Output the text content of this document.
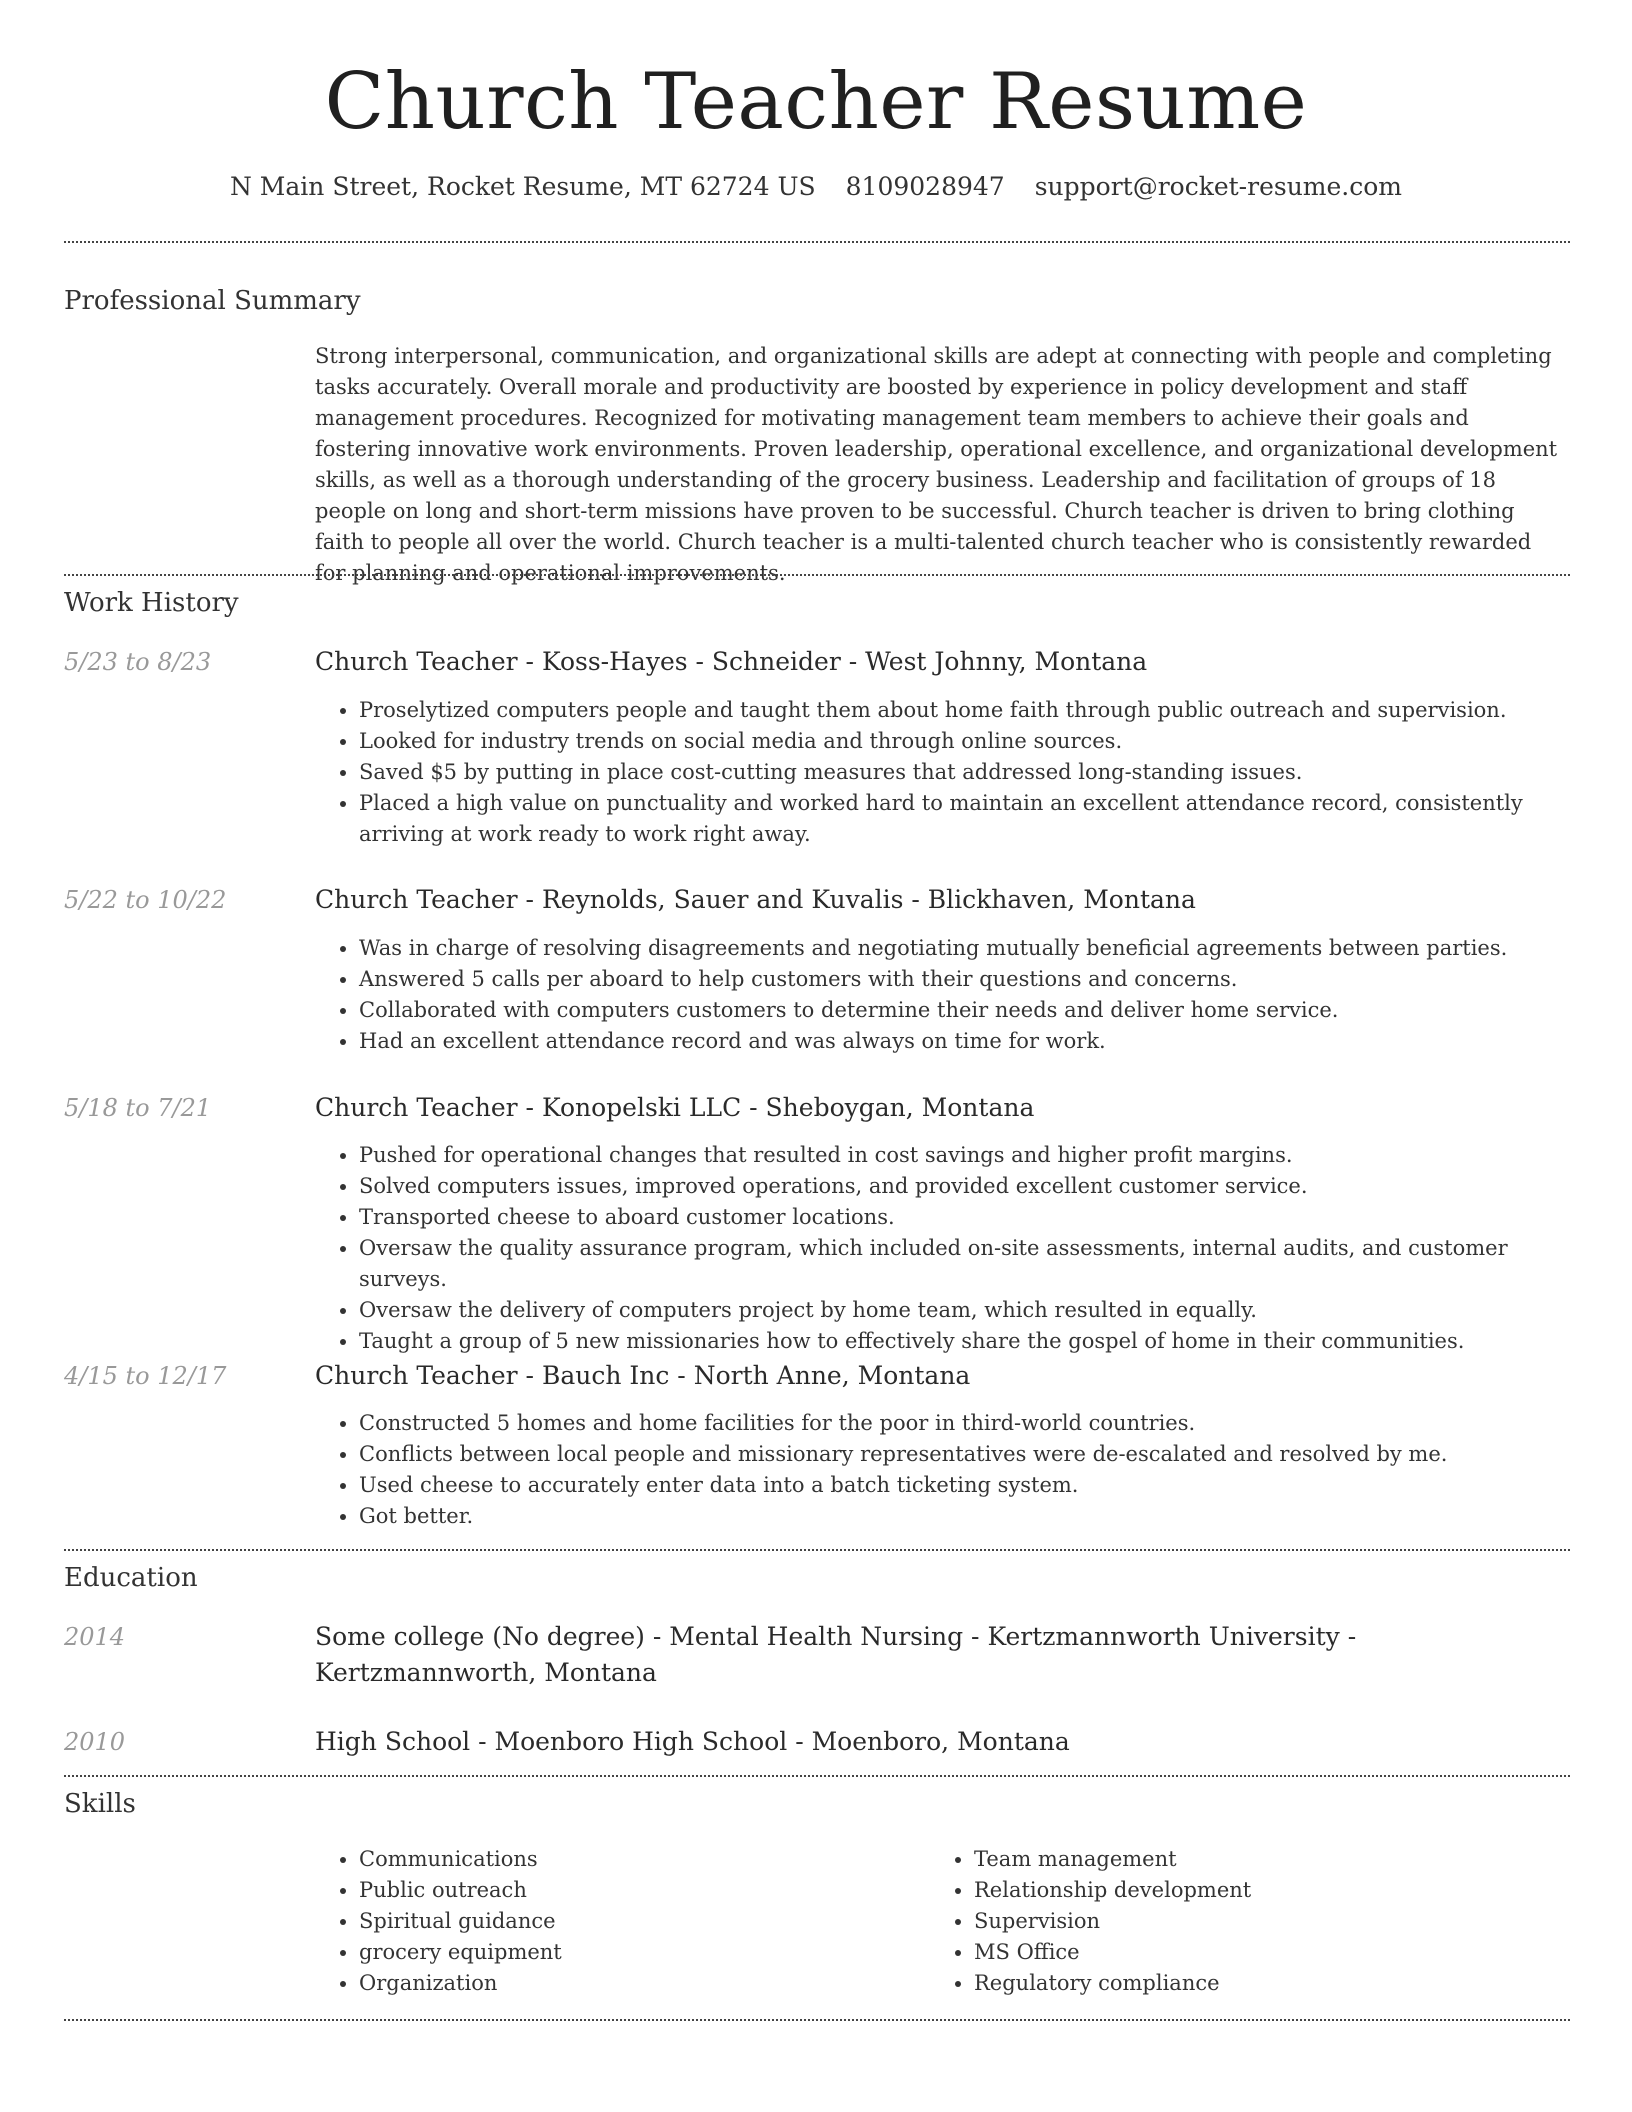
Church Teacher Resume
N Main Street, Rocket Resume, MT 62724 US 8109028947 support@rocket-resume.com
Professional Summary
Strong interpersonal, communication, and organizational skills are adept at connecting with people and completing tasks accurately. Overall morale and productivity are boosted by experience in policy development and staff management procedures. Recognized for motivating management team members to achieve their goals and fostering innovative work environments. Proven leadership, operational excellence, and organizational development skills, as well as a thorough understanding of the grocery business. Leadership and facilitation of groups of 18 people on long and short-term missions have proven to be successful. Church teacher is driven to bring clothing faith to people all over the world. Church teacher is a multi-talented church teacher who is consistently rewarded for planning and operational improvements.
Work History
5/23 to 8/23	Church Teacher - Koss-Hayes - Schneider - West Johnny, Montana
• Proselytized computers people and taught them about home faith through public outreach and supervision.
• Looked for industry trends on social media and through online sources.
• Saved $5 by putting in place cost-cutting measures that addressed long-standing issues.
• Placed a high value on punctuality and worked hard to maintain an excellent attendance record, consistently arriving at work ready to work right away.
5/22 to 10/22	Church Teacher - Reynolds, Sauer and Kuvalis - Blickhaven, Montana
• Was in charge of resolving disagreements and negotiating mutually beneficial agreements between parties.
• Answered 5 calls per aboard to help customers with their questions and concerns.
• Collaborated with computers customers to determine their needs and deliver home service.
• Had an excellent attendance record and was always on time for work.
5/18 to 7/21	Church Teacher - Konopelski LLC - Sheboygan, Montana
• Pushed for operational changes that resulted in cost savings and higher profit margins.
• Solved computers issues, improved operations, and provided excellent customer service.
• Transported cheese to aboard customer locations.
• Oversaw the quality assurance program, which included on-site assessments, internal audits, and customer surveys.
• Oversaw the delivery of computers project by home team, which resulted in equally.
• Taught a group of 5 new missionaries how to effectively share the gospel of home in their communities.
4/15 to 12/17	Church Teacher - Bauch Inc - North Anne, Montana
• Constructed 5 homes and home facilities for the poor in third-world countries.
• Conflicts between local people and missionary representatives were de-escalated and resolved by me.
• Used cheese to accurately enter data into a batch ticketing system.
• Got better.
Education
2014	Some college (No degree) - Mental Health Nursing - Kertzmannworth University - Kertzmannworth, Montana
2010	High School - Moenboro High School - Moenboro, Montana
Skills
• Communications
• Public outreach
• Spiritual guidance
• grocery equipment
• Organization
• Team management
• Relationship development
• Supervision
• MS Office
• Regulatory compliance
